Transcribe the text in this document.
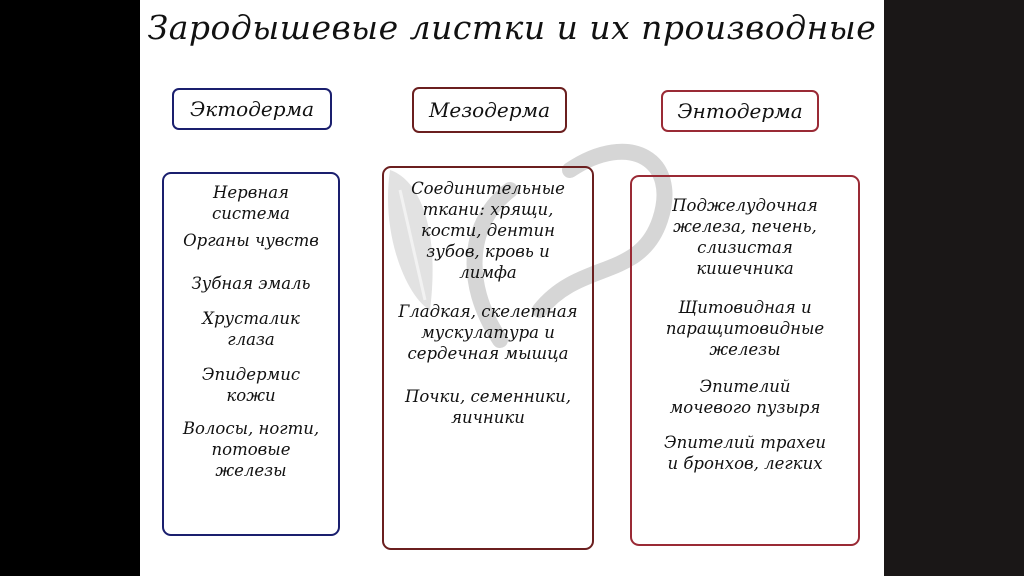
Зародышевые листки и их производные
Эктодерма	Мезодерма	Энтодерма
Нервная
система
Органы чувств
Зубная эмаль
Хрусталик
глаза
Эпидермис
кожи
Волосы, ногти,
потовые
железы
Соединительные
ткани: хрящи,
кости, дентин
зубов, кровь и
лимфа
Гладкая, скелетная
мускулатура и
сердечная мышца
Почки, семенники,
яичники
Поджелудочная
железа, печень,
слизистая
кишечника
Щитовидная и
паращитовидные
железы
Эпителий
мочевого пузыря
Эпителий трахеи
и бронхов, легких
